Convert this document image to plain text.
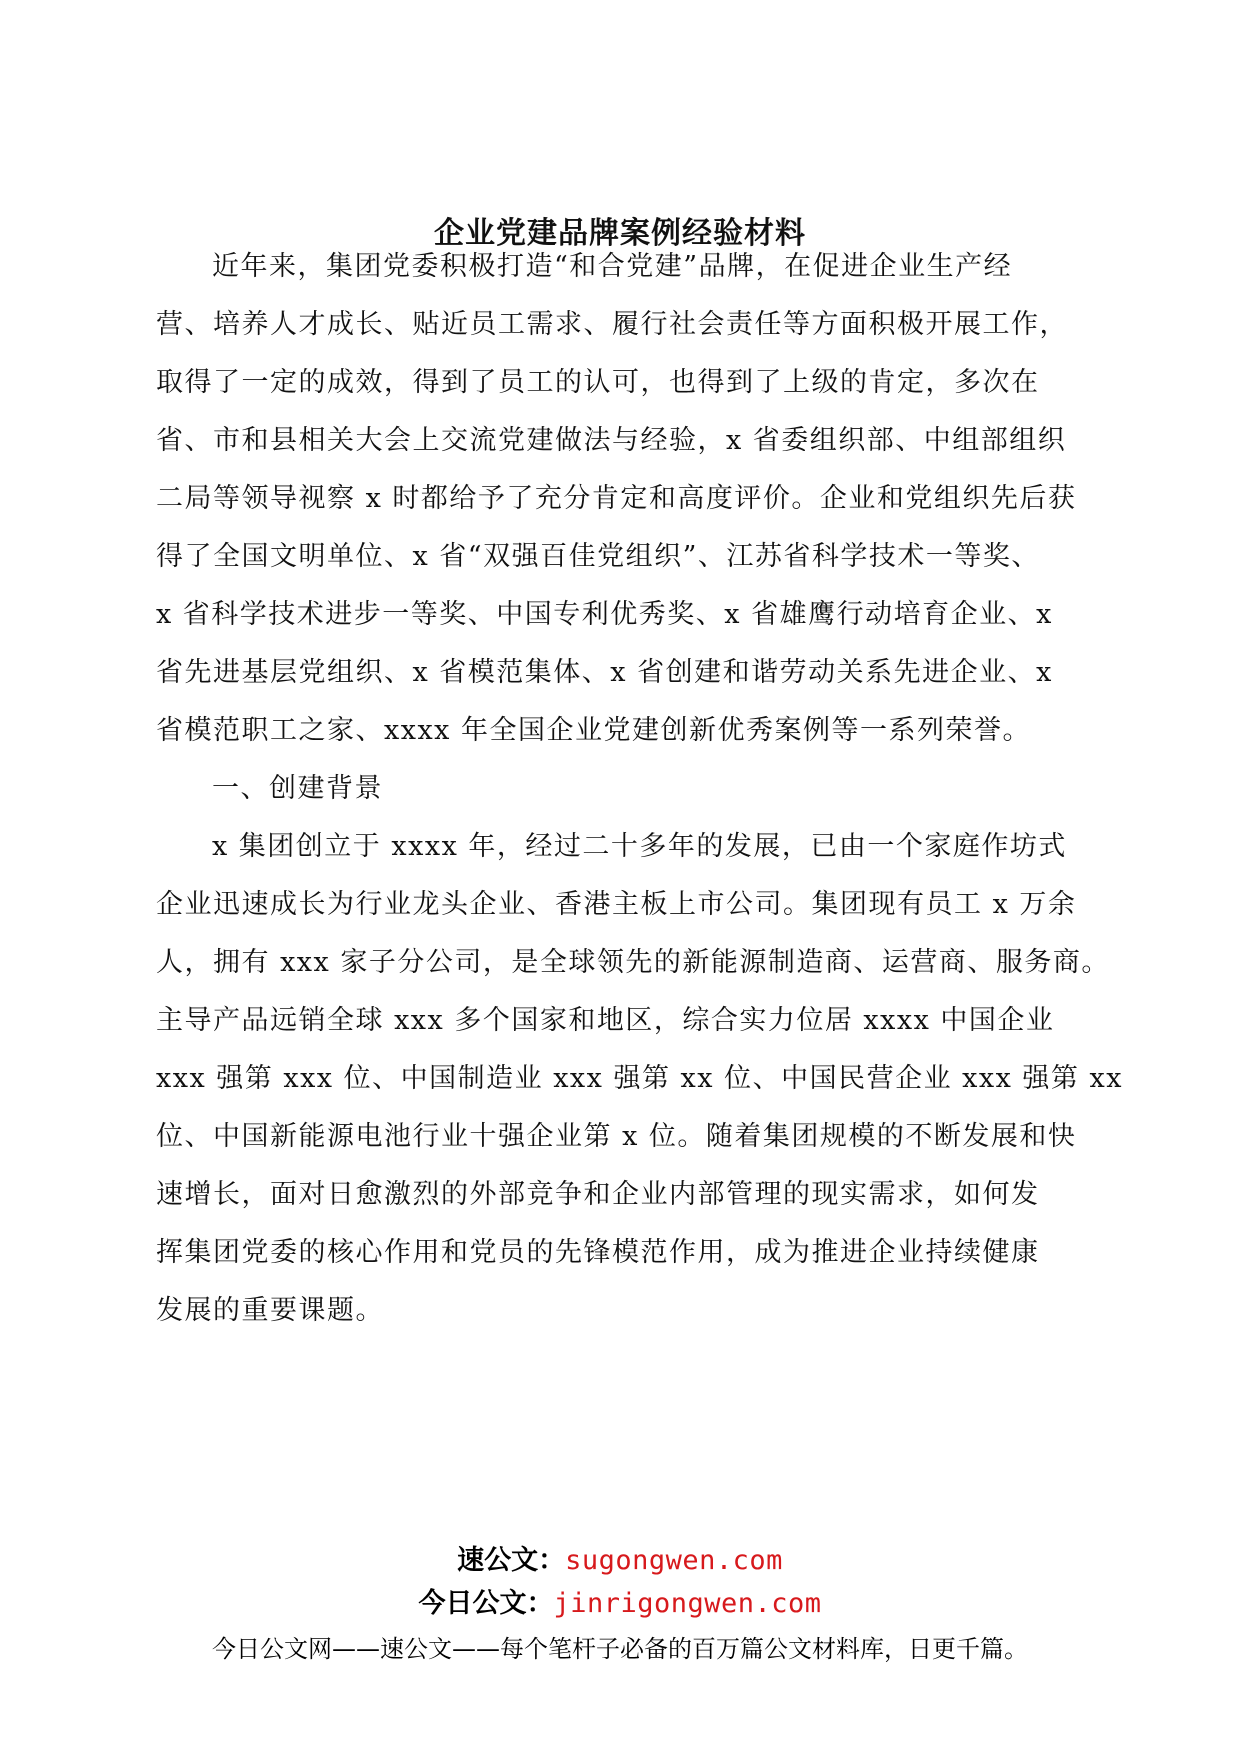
企业党建品牌案例经验材料
近年来，集团党委积极打造“和合党建”品牌，在促进企业生产经
营、培养人才成长、贴近员工需求、履行社会责任等方面积极开展工作，
取得了一定的成效，得到了员工的认可，也得到了上级的肯定，多次在
省、市和县相关大会上交流党建做法与经验，x 省委组织部、中组部组织
二局等领导视察 x 时都给予了充分肯定和高度评价。企业和党组织先后获
得了全国文明单位、x 省“双强百佳党组织”、江苏省科学技术一等奖、
x 省科学技术进步一等奖、中国专利优秀奖、x 省雄鹰行动培育企业、x
省先进基层党组织、x 省模范集体、x 省创建和谐劳动关系先进企业、x
省模范职工之家、xxxx 年全国企业党建创新优秀案例等一系列荣誉。
一、创建背景
x 集团创立于 xxxx 年，经过二十多年的发展，已由一个家庭作坊式
企业迅速成长为行业龙头企业、香港主板上市公司。集团现有员工 x 万余
人，拥有 xxx 家子分公司，是全球领先的新能源制造商、运营商、服务商。
主导产品远销全球 xxx 多个国家和地区，综合实力位居 xxxx 中国企业
xxx 强第 xxx 位、中国制造业 xxx 强第 xx 位、中国民营企业 xxx 强第 xx
位、中国新能源电池行业十强企业第 x 位。随着集团规模的不断发展和快
速增长，面对日愈激烈的外部竞争和企业内部管理的现实需求，如何发
挥集团党委的核心作用和党员的先锋模范作用，成为推进企业持续健康
发展的重要课题。
速公文：sugongwen.com
今日公文：jinrigongwen.com
今日公文网——速公文——每个笔杆子必备的百万篇公文材料库，日更千篇。
